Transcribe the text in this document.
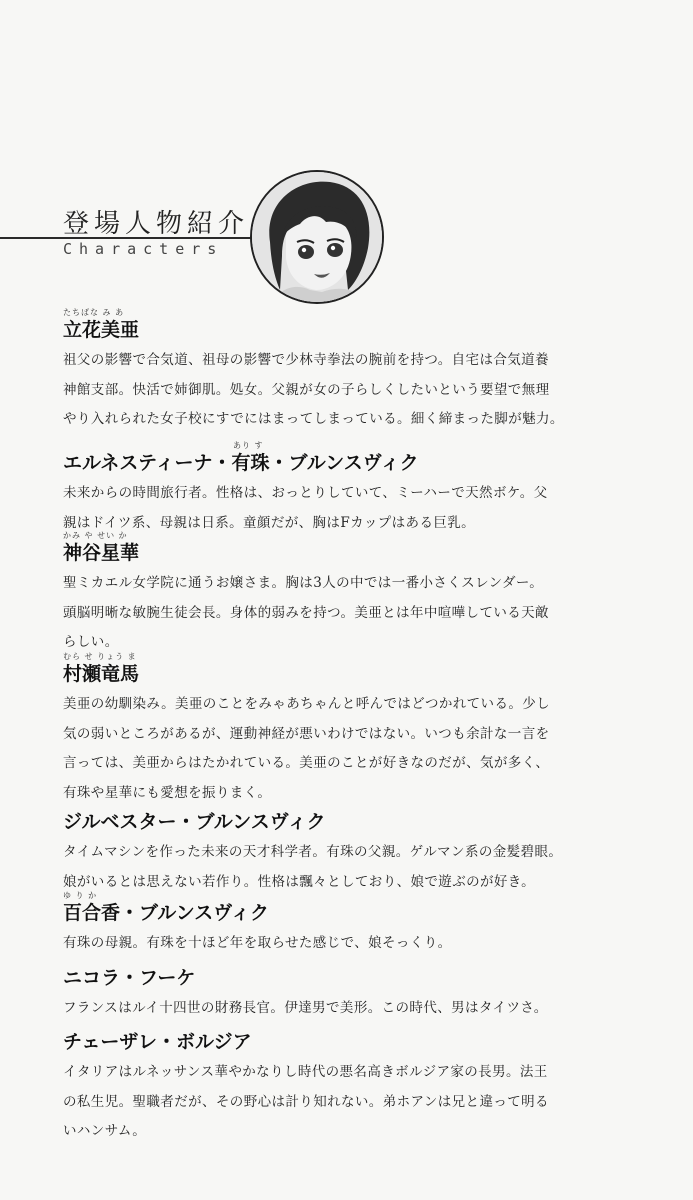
登場人物紹介
Characters
たちばな み あ
立花美亜
祖父の影響で合気道、祖母の影響で少林寺拳法の腕前を持つ。自宅は合気道養
神館支部。快活で姉御肌。処女。父親が女の子らしくしたいという要望で無理
やり入れられた女子校にすでにはまってしまっている。細く締まった脚が魅力。
あり す
エルネスティーナ・有珠・ブルンスヴィク
未来からの時間旅行者。性格は、おっとりしていて、ミーハーで天然ボケ。父
親はドイツ系、母親は日系。童顔だが、胸はFカップはある巨乳。
かみ や せい か
神谷星華
聖ミカエル女学院に通うお嬢さま。胸は3人の中では一番小さくスレンダー。
頭脳明晰な敏腕生徒会長。身体的弱みを持つ。美亜とは年中喧嘩している天敵
らしい。
むら せ りょう ま
村瀬竜馬
美亜の幼馴染み。美亜のことをみゃあちゃんと呼んではどつかれている。少し
気の弱いところがあるが、運動神経が悪いわけではない。いつも余計な一言を
言っては、美亜からはたかれている。美亜のことが好きなのだが、気が多く、
有珠や星華にも愛想を振りまく。
ジルベスター・ブルンスヴィク
タイムマシンを作った未来の天才科学者。有珠の父親。ゲルマン系の金髪碧眼。
娘がいるとは思えない若作り。性格は飄々としており、娘で遊ぶのが好き。
ゆ り か
百合香・ブルンスヴィク
有珠の母親。有珠を十ほど年を取らせた感じで、娘そっくり。
ニコラ・フーケ
フランスはルイ十四世の財務長官。伊達男で美形。この時代、男はタイツさ。
チェーザレ・ボルジア
イタリアはルネッサンス華やかなりし時代の悪名高きボルジア家の長男。法王
の私生児。聖職者だが、その野心は計り知れない。弟ホアンは兄と違って明る
いハンサム。
